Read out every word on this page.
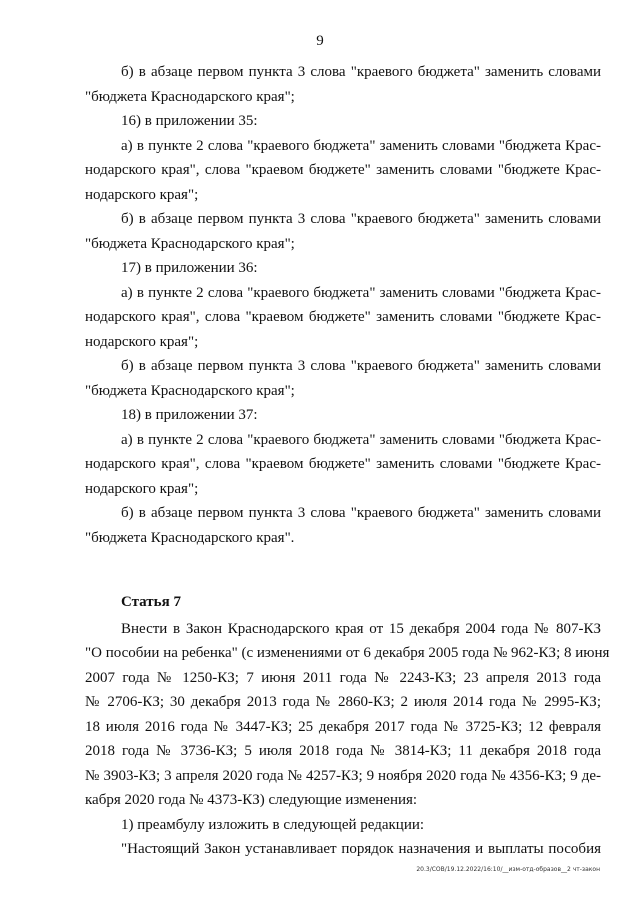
9
б) в абзаце первом пункта 3 слова "краевого бюджета" заменить словами
"бюджета Краснодарского края";
16) в приложении 35:
а) в пункте 2 слова "краевого бюджета" заменить словами "бюджета Крас-
нодарского края", слова "краевом бюджете" заменить словами "бюджете Крас-
нодарского края";
б) в абзаце первом пункта 3 слова "краевого бюджета" заменить словами
"бюджета Краснодарского края";
17) в приложении 36:
а) в пункте 2 слова "краевого бюджета" заменить словами "бюджета Крас-
нодарского края", слова "краевом бюджете" заменить словами "бюджете Крас-
нодарского края";
б) в абзаце первом пункта 3 слова "краевого бюджета" заменить словами
"бюджета Краснодарского края";
18) в приложении 37:
а) в пункте 2 слова "краевого бюджета" заменить словами "бюджета Крас-
нодарского края", слова "краевом бюджете" заменить словами "бюджете Крас-
нодарского края";
б) в абзаце первом пункта 3 слова "краевого бюджета" заменить словами
"бюджета Краснодарского края".
Статья 7
Внести в Закон Краснодарского края от 15 декабря 2004 года № 807-КЗ
"О пособии на ребенка" (с изменениями от 6 декабря 2005 года № 962-КЗ; 8 июня
2007 года № 1250-КЗ; 7 июня 2011 года № 2243-КЗ; 23 апреля 2013 года
№ 2706-КЗ; 30 декабря 2013 года № 2860-КЗ; 2 июля 2014 года № 2995-КЗ;
18 июля 2016 года № 3447-КЗ; 25 декабря 2017 года № 3725-КЗ; 12 февраля
2018 года № 3736-КЗ; 5 июля 2018 года № 3814-КЗ; 11 декабря 2018 года
№ 3903-КЗ; 3 апреля 2020 года № 4257-КЗ; 9 ноября 2020 года № 4356-КЗ; 9 де-
кабря 2020 года № 4373-КЗ) следующие изменения:
1) преамбулу изложить в следующей редакции:
"Настоящий Закон устанавливает порядок назначения и выплаты пособия
20.3/СОВ/19.12.2022/16:10/__изм-отд-образов__2 чт-закон
